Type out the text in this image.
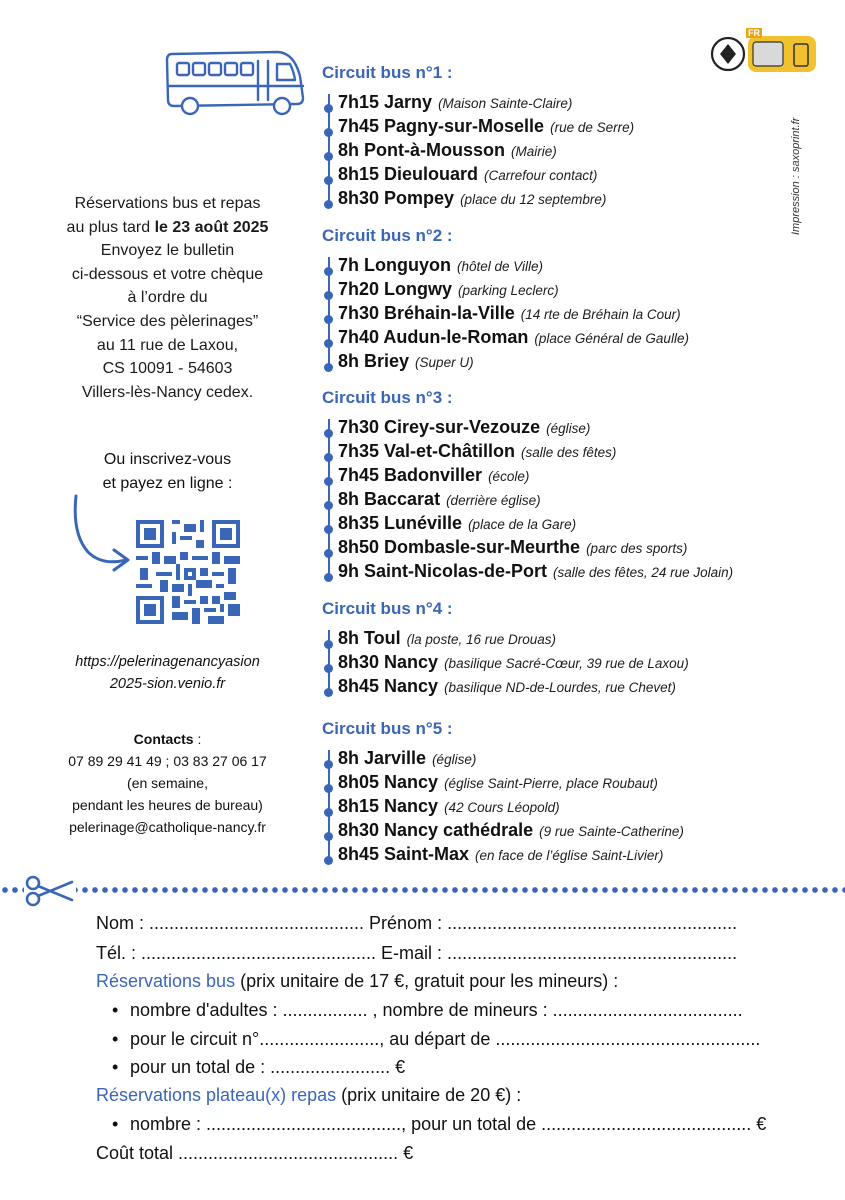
FR
Impression : saxoprint.fr
Réservations bus et repas
au plus tard le 23 août 2025
Envoyez le bulletin
ci-dessous et votre chèque
à l’ordre du
“Service des pèlerinages”
au 11 rue de Laxou,
CS 10091 - 54603
Villers-lès-Nancy cedex.
Ou inscrivez-vous
et payez en ligne :
https://pelerinagenancyasion
2025-sion.venio.fr
Contacts :
07 89 29 41 49 ; 03 83 27 06 17
(en semaine,
pendant les heures de bureau)
pelerinage@catholique-nancy.fr
Circuit bus n°1 :
7h15 Jarny (Maison Sainte-Claire)
7h45 Pagny-sur-Moselle (rue de Serre)
8h Pont-à-Mousson (Mairie)
8h15 Dieulouard (Carrefour contact)
8h30 Pompey (place du 12 septembre)
Circuit bus n°2 :
7h Longuyon (hôtel de Ville)
7h20 Longwy (parking Leclerc)
7h30 Bréhain-la-Ville (14 rte de Bréhain la Cour)
7h40 Audun-le-Roman (place Général de Gaulle)
8h Briey (Super U)
Circuit bus n°3 :
7h30 Cirey-sur-Vezouze (église)
7h35 Val-et-Châtillon (salle des fêtes)
7h45 Badonviller (école)
8h Baccarat (derrière église)
8h35 Lunéville (place de la Gare)
8h50 Dombasle-sur-Meurthe (parc des sports)
9h Saint-Nicolas-de-Port (salle des fêtes, 24 rue Jolain)
Circuit bus n°4 :
8h Toul (la poste, 16 rue Drouas)
8h30 Nancy (basilique Sacré-Cœur, 39 rue de Laxou)
8h45 Nancy (basilique ND-de-Lourdes, rue Chevet)
Circuit bus n°5 :
8h Jarville (église)
8h05 Nancy (église Saint-Pierre, place Roubaut)
8h15 Nancy (42 Cours Léopold)
8h30 Nancy cathédrale (9 rue Sainte-Catherine)
8h45 Saint-Max (en face de l’église Saint-Livier)
Nom : ........................................... Prénom : ..........................................................
Tél. : ............................................... E-mail : ..........................................................
Réservations bus (prix unitaire de 17 €, gratuit pour les mineurs) :
• nombre d'adultes : ................. , nombre de mineurs : ......................................
• pour le circuit n°........................, au départ de .....................................................
• pour un total de : ........................ €
Réservations plateau(x) repas (prix unitaire de 20 €) :
• nombre : ......................................., pour un total de .......................................... €
Coût total ............................................ €
